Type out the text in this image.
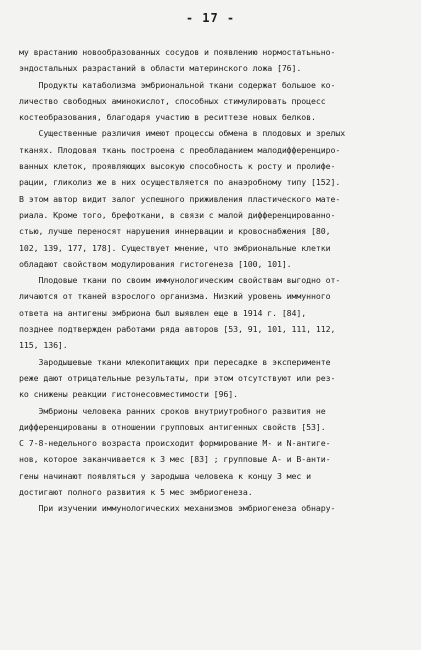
- 17 -
му врастанию новообразованных сосудов и появлению нормостатьньно-
эндостальных разрастаний в области материнского ложа [76].
Продукты катаболизма эмбриональной ткани содержат большое ко-
личество свободных аминокислот, способных стимулировать процесс
костеобразования, благодаря участию в реситтезе новых белков.
Существенные различия имеют процессы обмена в плодовых и зрелых
тканях. Плодовая ткань построена с преобладанием малодифференциро-
ванных клеток, проявляющих высокую способность к росту и пролифе-
рации, гликолиз же в них осуществляется по анаэробному типу [152].
В этом автор видит залог успешного приживления пластического мате-
риала. Кроме того, брефоткани, в связи с малой дифференцированно-
стью, лучше переносят нарушения иннервации и кровоснабжения [80,
102, 139, 177, 178]. Существует мнение, что эмбриональные клетки
обладают свойством модулирования гистогенеза [100, 101].
Плодовые ткани по своим иммунологическим свойствам выгодно от-
личаются от тканей взрослого организма. Низкий уровень иммунного
ответа на антигены эмбриона был выявлен еще в 1914 г. [84],
позднее подтвержден работами ряда авторов [53, 91, 101, 111, 112,
115, 136].
Зародышевые ткани млекопитающих при пересадке в эксперименте
реже дают отрицательные результаты, при этом отсутствуют или рез-
ко снижены реакции гистонесовместимости [96].
Эмбрионы человека ранних сроков внутриутробного развития не
дифференцированы в отношении групповых антигенных свойств [53].
С 7-8-недельного возраста происходит формирование М- и N-антиге-
нов, которое заканчивается к 3 мес [83] ; групповые А- и В-анти-
гены начинают появляться у зародыша человека к концу 3 мес и
достигают полного развития к 5 мес эмбриогенеза.
При изучении иммунологических механизмов эмбриогенеза обнару-
